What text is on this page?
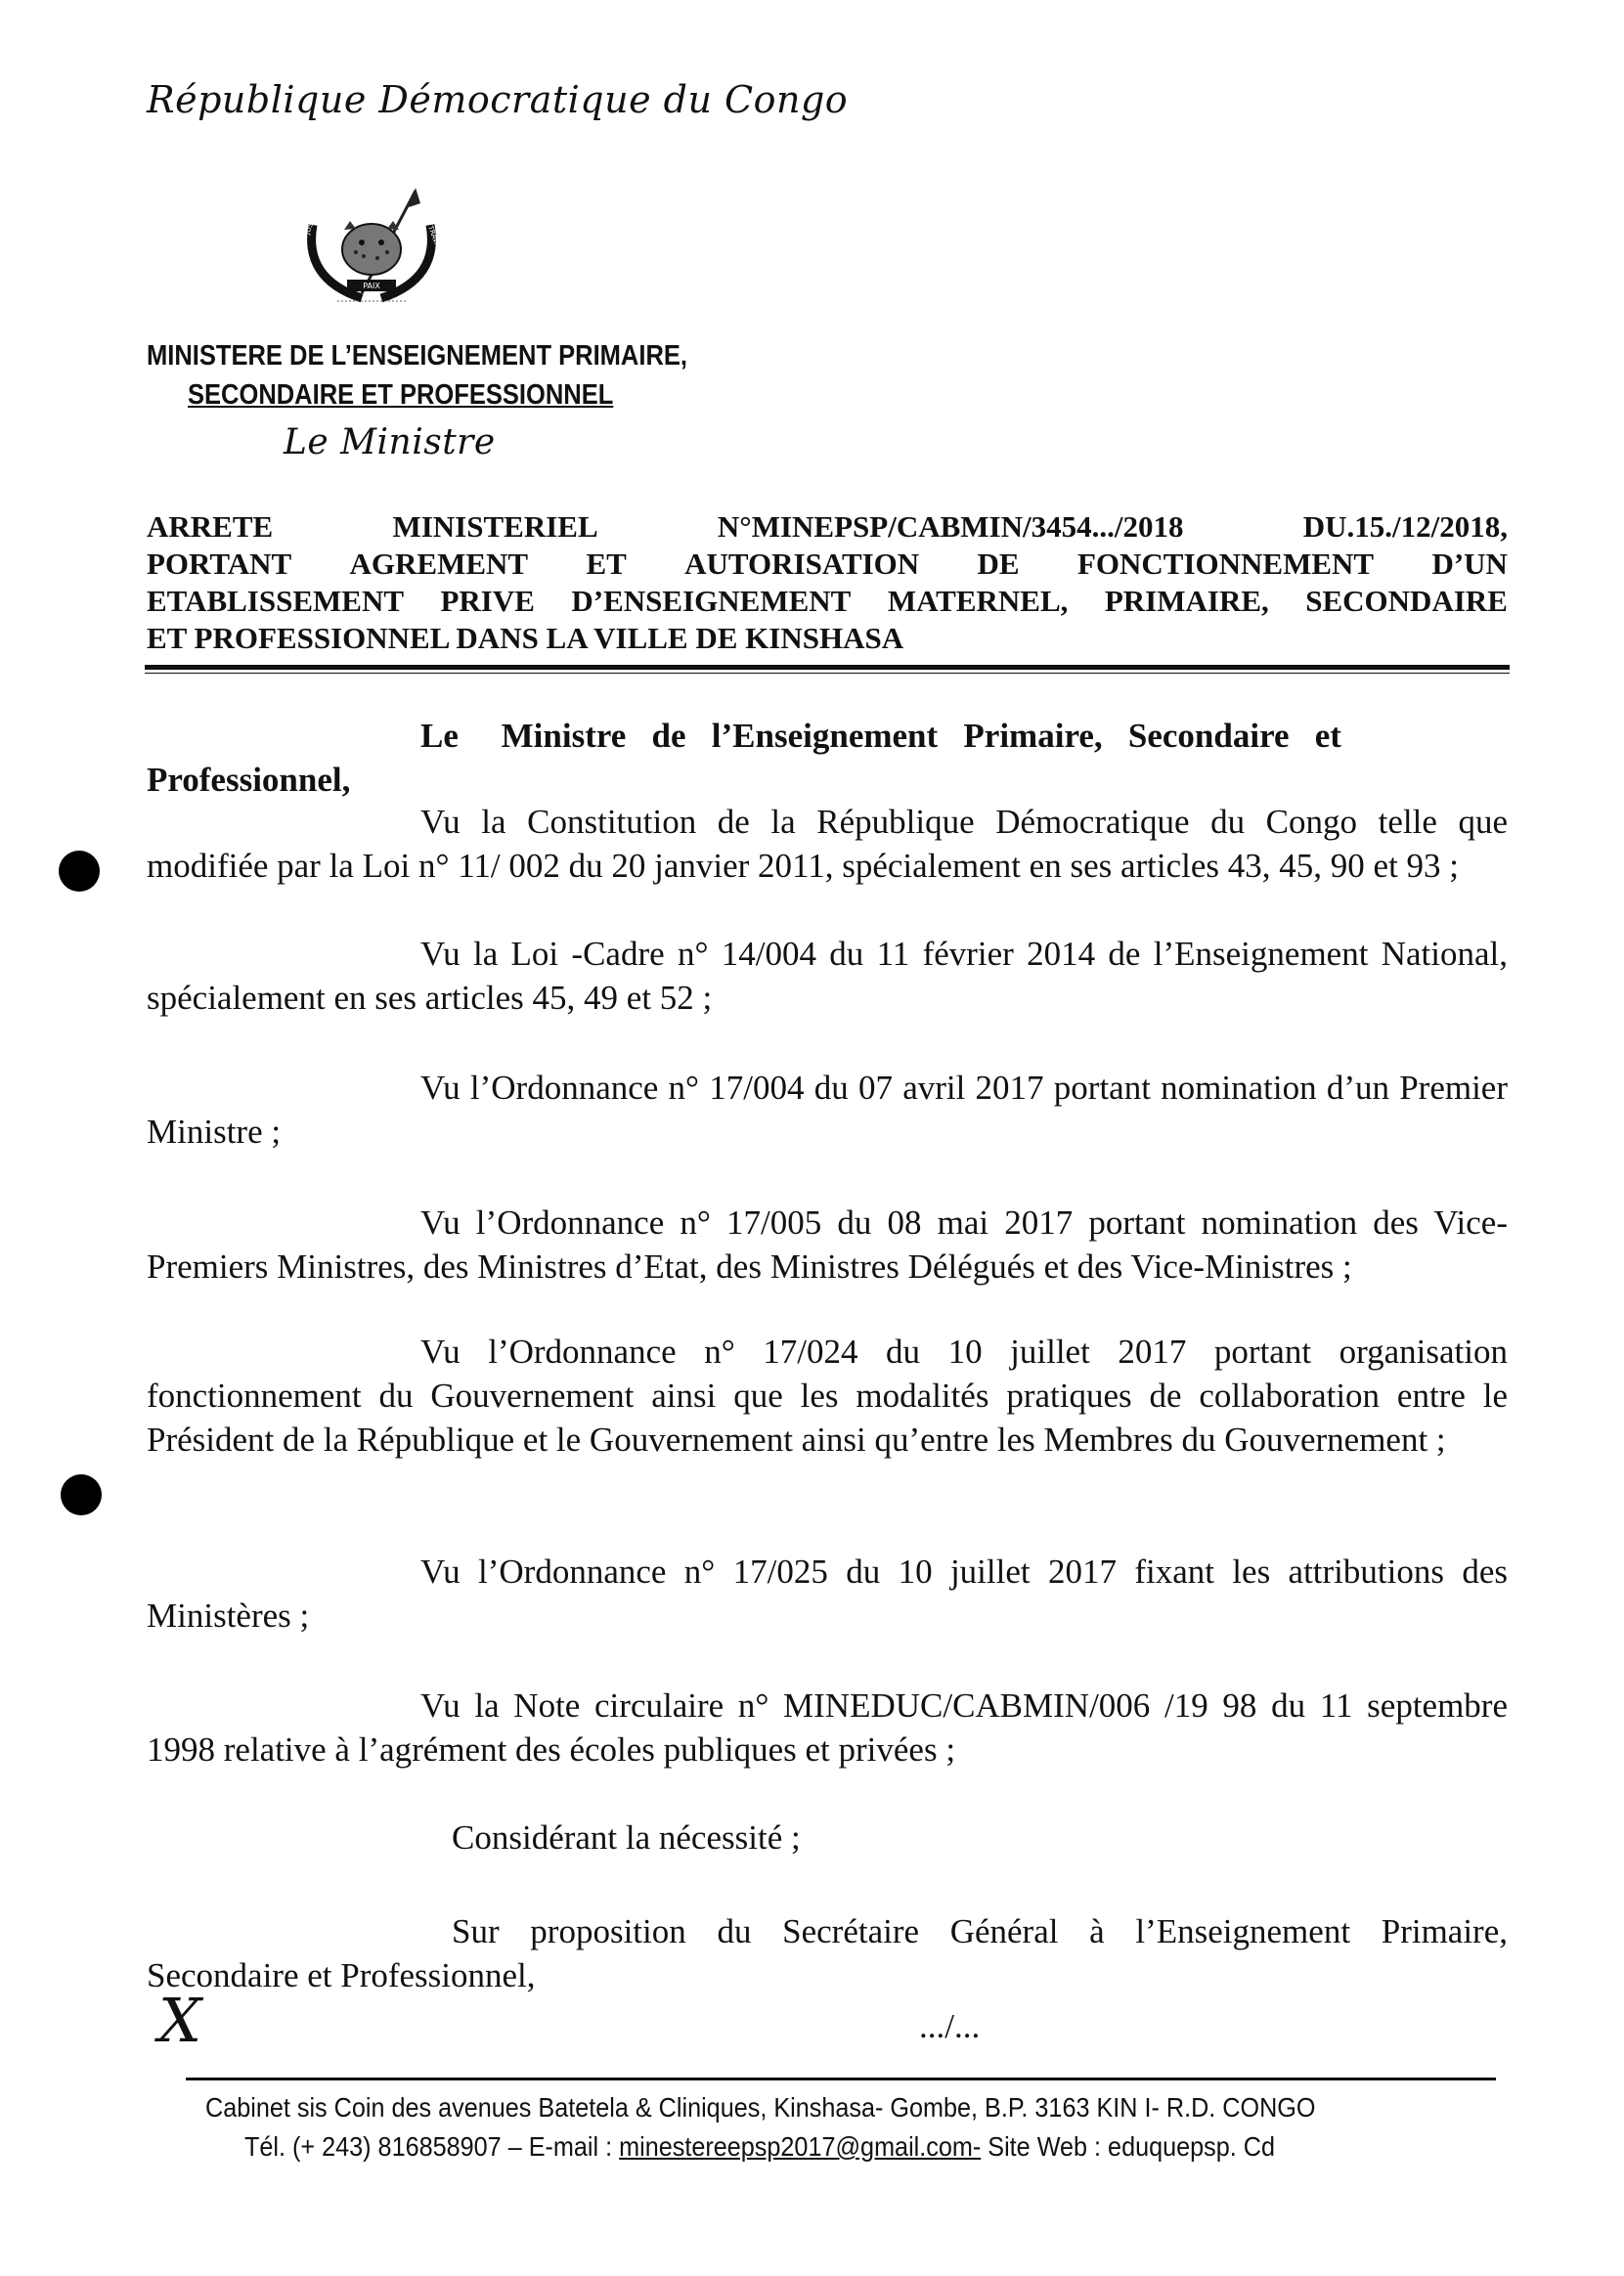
République Démocratique du Congo
PAIX
JUSTICE
TRAVAIL
MINISTERE DE L’ENSEIGNEMENT PRIMAIRE,
SECONDAIRE ET PROFESSIONNEL
Le Ministre
ARRETE	MINISTERIEL	N°MINEPSP/CABMIN/3454.../2018	DU.15./12/2018,
PORTANT AGREMENT ET AUTORISATION DE FONCTIONNEMENT D’UN
ETABLISSEMENT PRIVE D’ENSEIGNEMENT MATERNEL, PRIMAIRE, SECONDAIRE
ET PROFESSIONNEL DANS LA VILLE DE KINSHASA
Le     Ministre   de   l’Enseignement   Primaire,   Secondaire   et
Professionnel,
Vu la Constitution de la République Démocratique du Congo telle que modifiée par la Loi n° 11/ 002 du 20 janvier 2011, spécialement en ses articles 43, 45, 90 et 93 ;
Vu la Loi -Cadre n° 14/004 du 11 février 2014 de l’Enseignement National, spécialement en ses articles 45, 49 et 52 ;
Vu l’Ordonnance n° 17/004 du 07 avril 2017 portant nomination d’un Premier Ministre ;
Vu l’Ordonnance n° 17/005 du 08 mai 2017 portant nomination des Vice-Premiers Ministres, des Ministres d’Etat, des Ministres Délégués et des Vice-Ministres ;
Vu l’Ordonnance n° 17/024 du 10 juillet 2017 portant organisation fonctionnement du Gouvernement ainsi que les modalités pratiques de collaboration entre le Président de la République et le Gouvernement ainsi qu’entre les Membres du Gouvernement ;
Vu l’Ordonnance n° 17/025 du 10 juillet 2017 fixant les attributions des Ministères ;
Vu la Note circulaire n° MINEDUC/CABMIN/006 /19 98 du 11 septembre 1998 relative à l’agrément des écoles publiques et privées ;
Considérant la nécessité ;
Sur proposition du Secrétaire Général à l’Enseignement Primaire, Secondaire et Professionnel,
X	.../...
Cabinet sis Coin des avenues Batetela & Cliniques, Kinshasa- Gombe, B.P. 3163 KIN I- R.D. CONGO
Tél. (+ 243) 816858907 – E-mail : minestereepsp2017@gmail.com- Site Web : eduquepsp. Cd
